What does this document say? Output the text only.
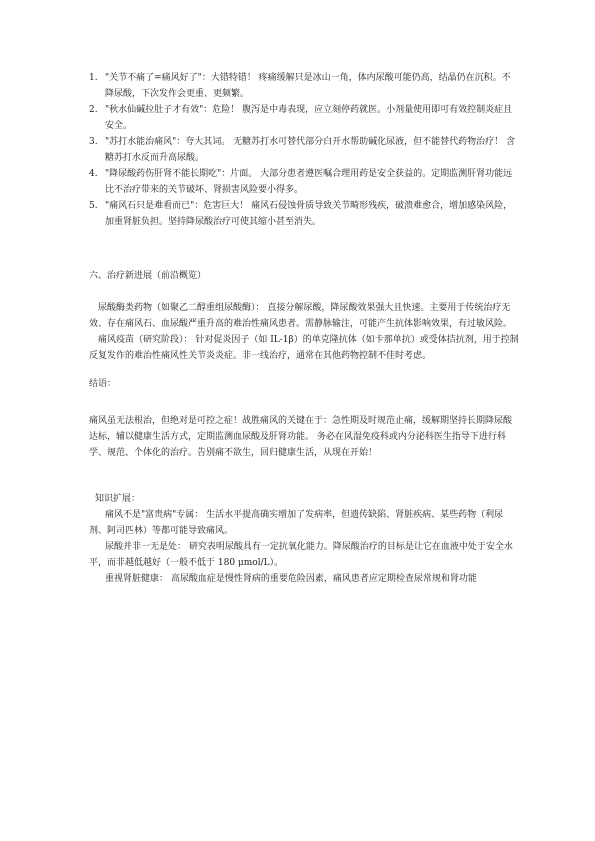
1. "关节不痛了=痛风好了"：大错特错！ 疼痛缓解只是冰山一角，体内尿酸可能仍高，结晶仍在沉积。不降尿酸，下次发作会更重、更频繁。
2. "秋水仙碱拉肚子才有效"：危险！ 腹泻是中毒表现，应立刻停药就医。小剂量使用即可有效控制炎症且安全。
3. "苏打水能治痛风"：夸大其词。 无糖苏打水可替代部分白开水帮助碱化尿液，但不能替代药物治疗！ 含糖苏打水反而升高尿酸。
4. "降尿酸药伤肝肾不能长期吃"：片面。 大部分患者遵医嘱合理用药是安全获益的。定期监测肝肾功能远比不治疗带来的关节破坏、肾损害风险要小得多。
5. "痛风石只是难看而已"：危害巨大！ 痛风石侵蚀骨质导致关节畸形残疾，破溃难愈合，增加感染风险，加重肾脏负担。坚持降尿酸治疗可使其缩小甚至消失。
六、治疗新进展（前沿概览）
尿酸酶类药物（如聚乙二醇重组尿酸酶）： 直接分解尿酸，降尿酸效果强大且快速。主要用于传统治疗无效、存在痛风石、血尿酸严重升高的难治性痛风患者。需静脉输注，可能产生抗体影响效果，有过敏风险。
痛风疫苗（研究阶段）： 针对促炎因子（如 IL-1β）的单克隆抗体（如卡那单抗）或受体拮抗剂，用于控制反复发作的难治性痛风性关节炎炎症。非一线治疗，通常在其他药物控制不佳时考虑。
结语：
痛风虽无法根治，但绝对是可控之症！战胜痛风的关键在于：急性期及时规范止痛，缓解期坚持长期降尿酸达标，辅以健康生活方式，定期监测血尿酸及肝肾功能。 务必在风湿免疫科或内分泌科医生指导下进行科学、规范、个体化的治疗。告别痛不欲生，回归健康生活，从现在开始！
知识扩展：
痛风不是"富贵病"专属： 生活水平提高确实增加了发病率，但遗传缺陷、肾脏疾病、某些药物（利尿剂、阿司匹林）等都可能导致痛风。
尿酸并非一无是处： 研究表明尿酸具有一定抗氧化能力。降尿酸治疗的目标是让它在血液中处于安全水平，而非越低越好（一般不低于 180 μmol/L）。
重视肾脏健康： 高尿酸血症是慢性肾病的重要危险因素，痛风患者应定期检查尿常规和肾功能
